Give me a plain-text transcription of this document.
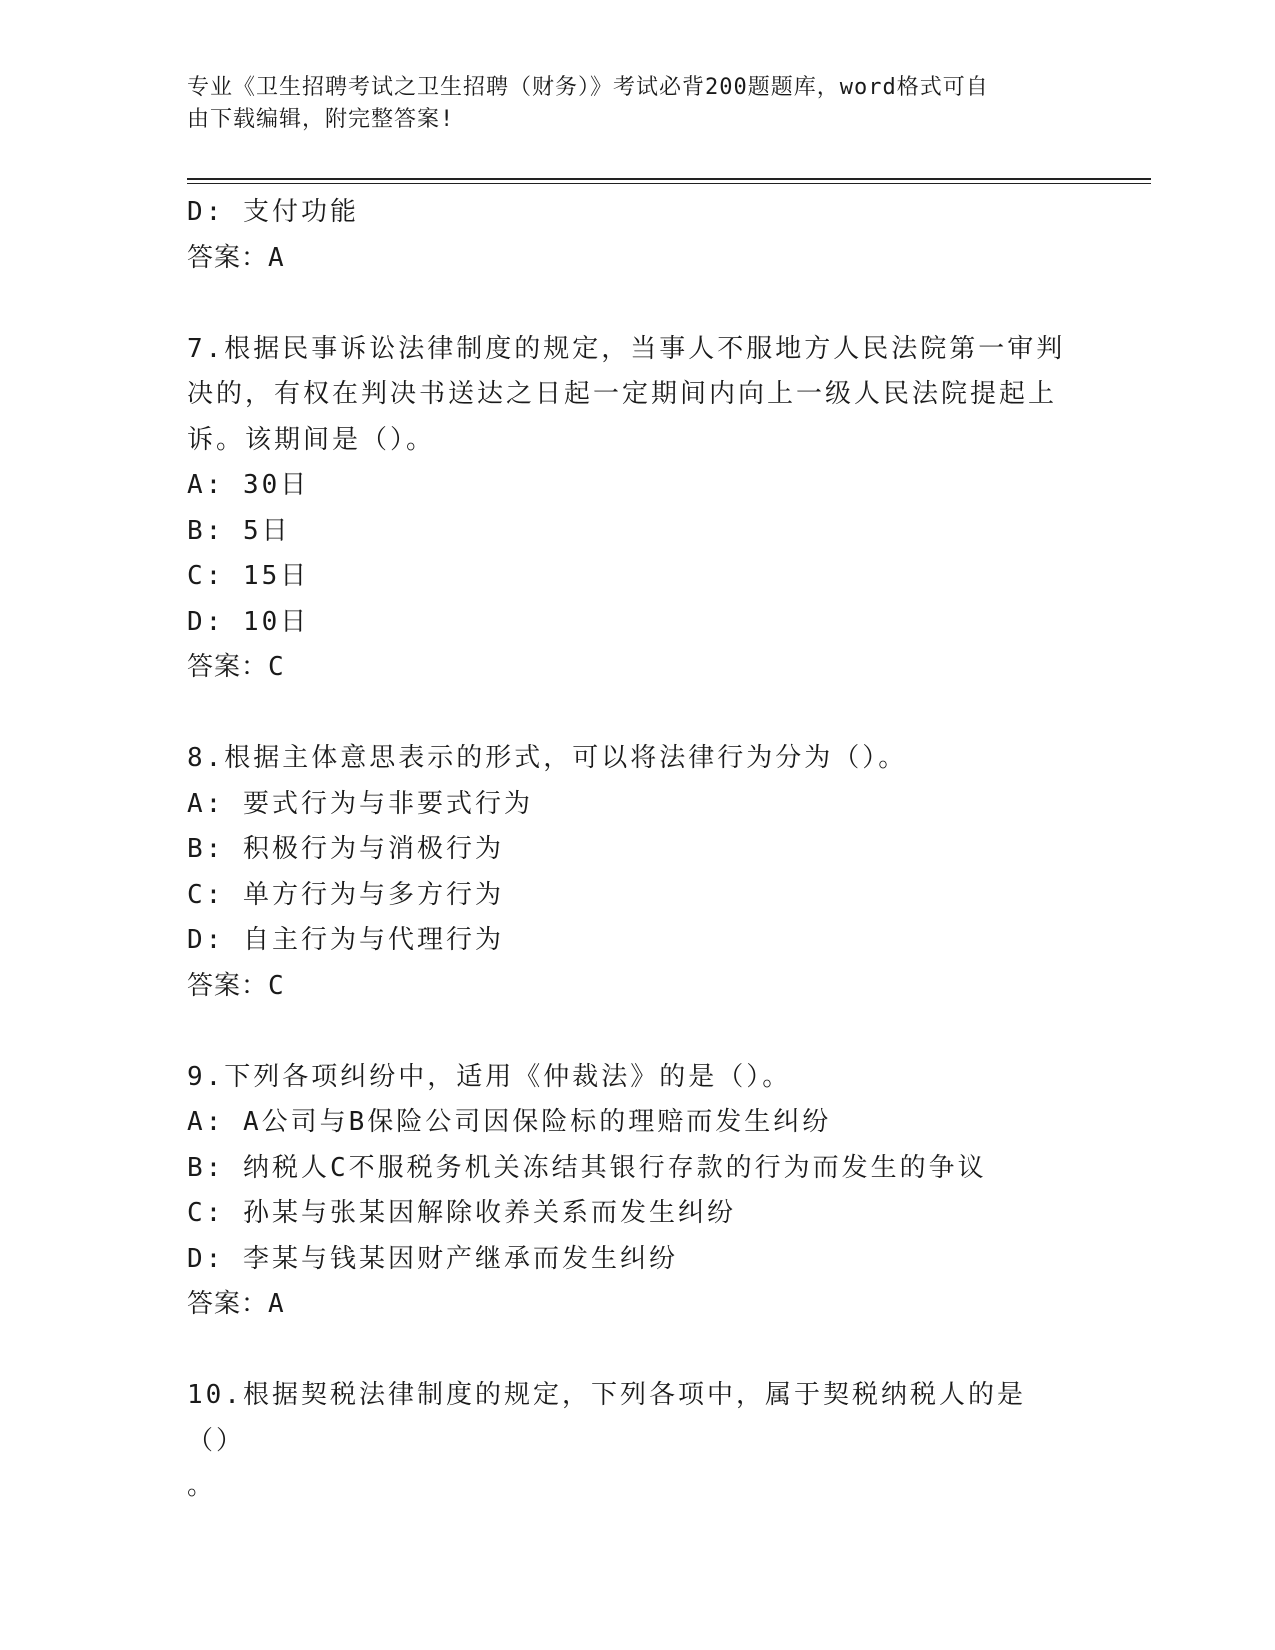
专业《卫生招聘考试之卫生招聘（财务）》考试必背200题题库，word格式可自
由下载编辑，附完整答案!
D: 支付功能
答案：A
7.根据民事诉讼法律制度的规定，当事人不服地方人民法院第一审判
决的，有权在判决书送达之日起一定期间内向上一级人民法院提起上
诉。该期间是（）。
A: 30日
B: 5日
C: 15日
D: 10日
答案：C
8.根据主体意思表示的形式，可以将法律行为分为（）。
A: 要式行为与非要式行为
B: 积极行为与消极行为
C: 单方行为与多方行为
D: 自主行为与代理行为
答案：C
9.下列各项纠纷中，适用《仲裁法》的是（）。
A: A公司与B保险公司因保险标的理赔而发生纠纷
B: 纳税人C不服税务机关冻结其银行存款的行为而发生的争议
C: 孙某与张某因解除收养关系而发生纠纷
D: 李某与钱某因财产继承而发生纠纷
答案：A
10.根据契税法律制度的规定，下列各项中，属于契税纳税人的是（）
。
